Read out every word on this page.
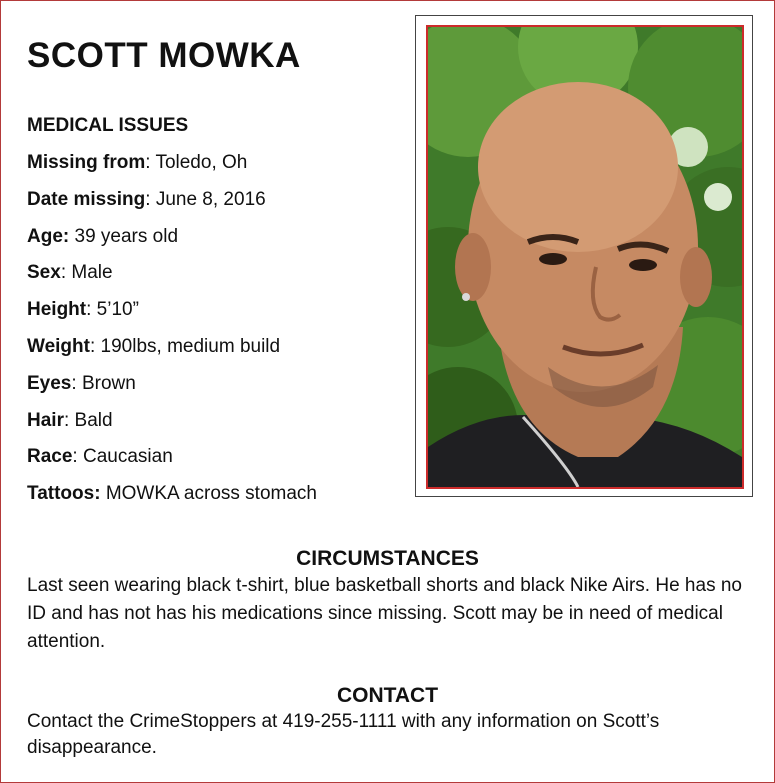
SCOTT MOWKA
MEDICAL ISSUES
Missing from: Toledo, Oh
Date missing: June 8, 2016
Age: 39 years old
Sex: Male
Height: 5’10”
Weight: 190lbs, medium build
Eyes: Brown
Hair: Bald
Race: Caucasian
Tattoos: MOWKA across stomach
CIRCUMSTANCES
Last seen wearing black t-shirt, blue basketball shorts and black Nike Airs. He has no ID and has not has his medications since missing. Scott may be in need of medical attention.
CONTACT
Contact the CrimeStoppers at 419-255-1111 with any information on Scott’s disappearance.
